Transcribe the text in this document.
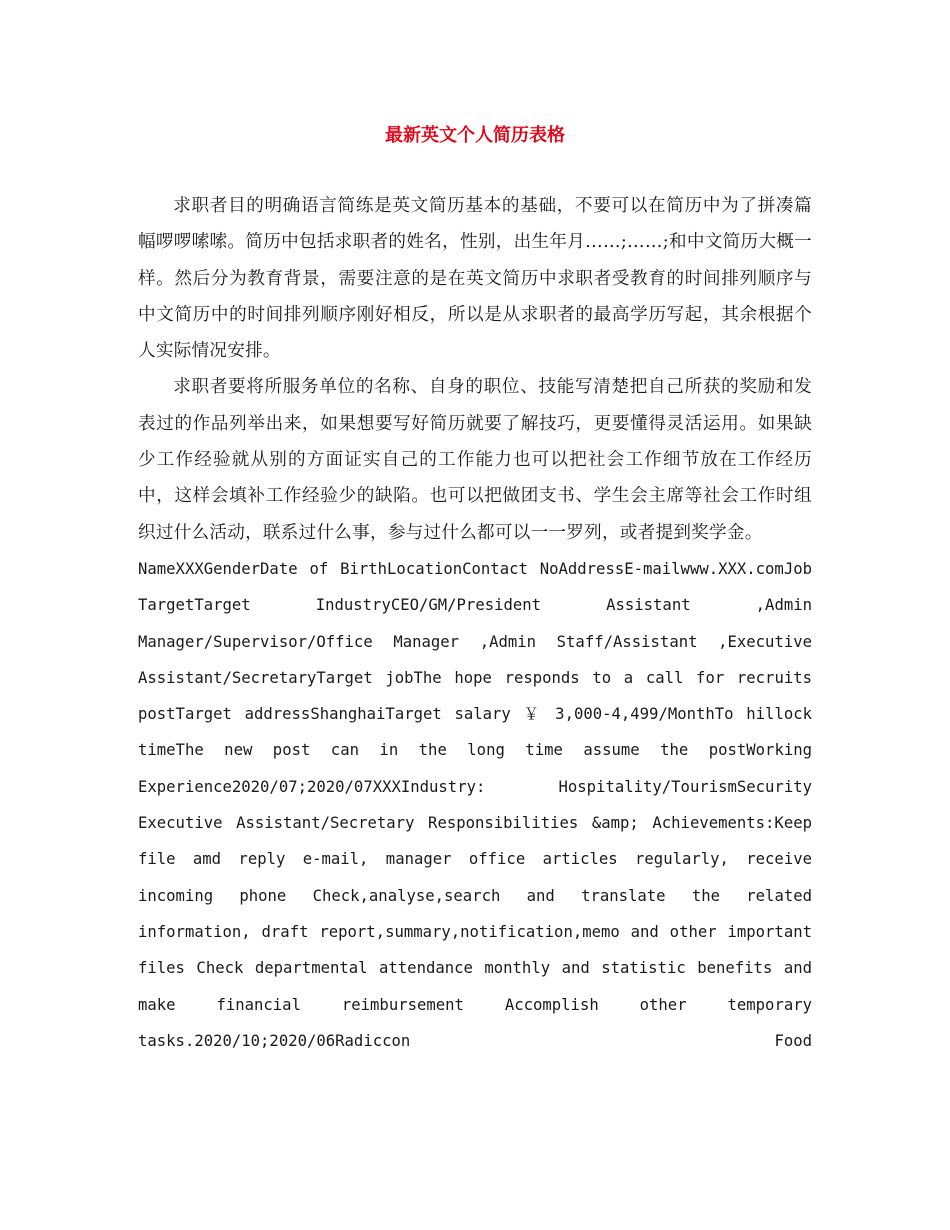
最新英文个人简历表格

求职者目的明确语言简练是英文简历基本的基础，不要可以在简历中为了拼凑篇幅啰啰嗦嗦。简历中包括求职者的姓名，性别，出生年月……;……;和中文简历大概一样。然后分为教育背景，需要注意的是在英文简历中求职者受教育的时间排列顺序与中文简历中的时间排列顺序刚好相反，所以是从求职者的最高学历写起，其余根据个人实际情况安排。

求职者要将所服务单位的名称、自身的职位、技能写清楚把自己所获的奖励和发表过的作品列举出来，如果想要写好简历就要了解技巧，更要懂得灵活运用。如果缺少工作经验就从别的方面证实自己的工作能力也可以把社会工作细节放在工作经历中，这样会填补工作经验少的缺陷。也可以把做团支书、学生会主席等社会工作时组织过什么活动，联系过什么事，参与过什么都可以一一罗列，或者提到奖学金。

NameXXXGenderDate of BirthLocationContact NoAddressE-mailwww.XXX.comJob
TargetTarget IndustryCEO/GM/President Assistant ,Admin
Manager/Supervisor/Office Manager ,Admin Staff/Assistant ,Executive
Assistant/SecretaryTarget jobThe hope responds to a call for recruits
postTarget addressShanghaiTarget salary ￥ 3,000-4,499/MonthTo hillock
timeThe new post can in the long time assume the postWorking
Experience2020/07;2020/07XXXIndustry: Hospitality/TourismSecurity
Executive Assistant/Secretary Responsibilities &amp; Achievements:Keep
file amd reply e-mail, manager office articles regularly, receive
incoming phone Check,analyse,search and translate the related
information, draft report,summary,notification,memo and other important
files Check departmental attendance monthly and statistic benefits and
make financial reimbursement Accomplish other temporary
tasks.2020/10;2020/06Radiccon Food
